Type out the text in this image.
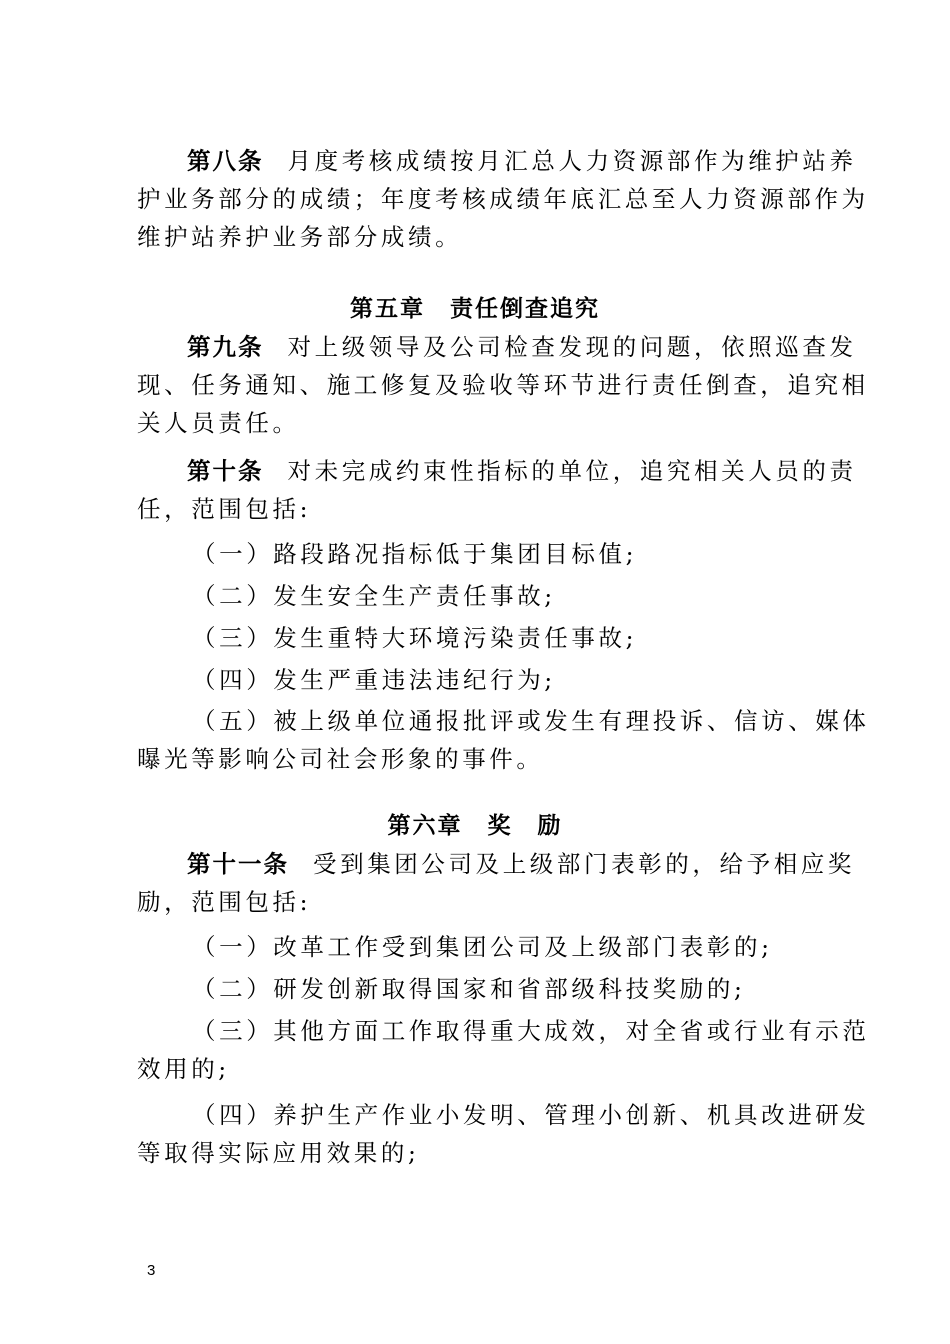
第八条 月度考核成绩按月汇总人力资源部作为维护站养护业务部分的成绩；年度考核成绩年底汇总至人力资源部作为维护站养护业务部分成绩。

第五章　责任倒查追究

第九条 对上级领导及公司检查发现的问题，依照巡查发现、任务通知、施工修复及验收等环节进行责任倒查，追究相关人员责任。

第十条 对未完成约束性指标的单位，追究相关人员的责任，范围包括:

（一）路段路况指标低于集团目标值;

（二）发生安全生产责任事故;

（三）发生重特大环境污染责任事故;

（四）发生严重违法违纪行为;

（五）被上级单位通报批评或发生有理投诉、信访、媒体曝光等影响公司社会形象的事件。

第六章　奖　励

第十一条 受到集团公司及上级部门表彰的，给予相应奖励，范围包括:

（一）改革工作受到集团公司及上级部门表彰的;

（二）研发创新取得国家和省部级科技奖励的;

（三）其他方面工作取得重大成效，对全省或行业有示范效用的;

（四）养护生产作业小发明、管理小创新、机具改进研发等取得实际应用效果的;

3
